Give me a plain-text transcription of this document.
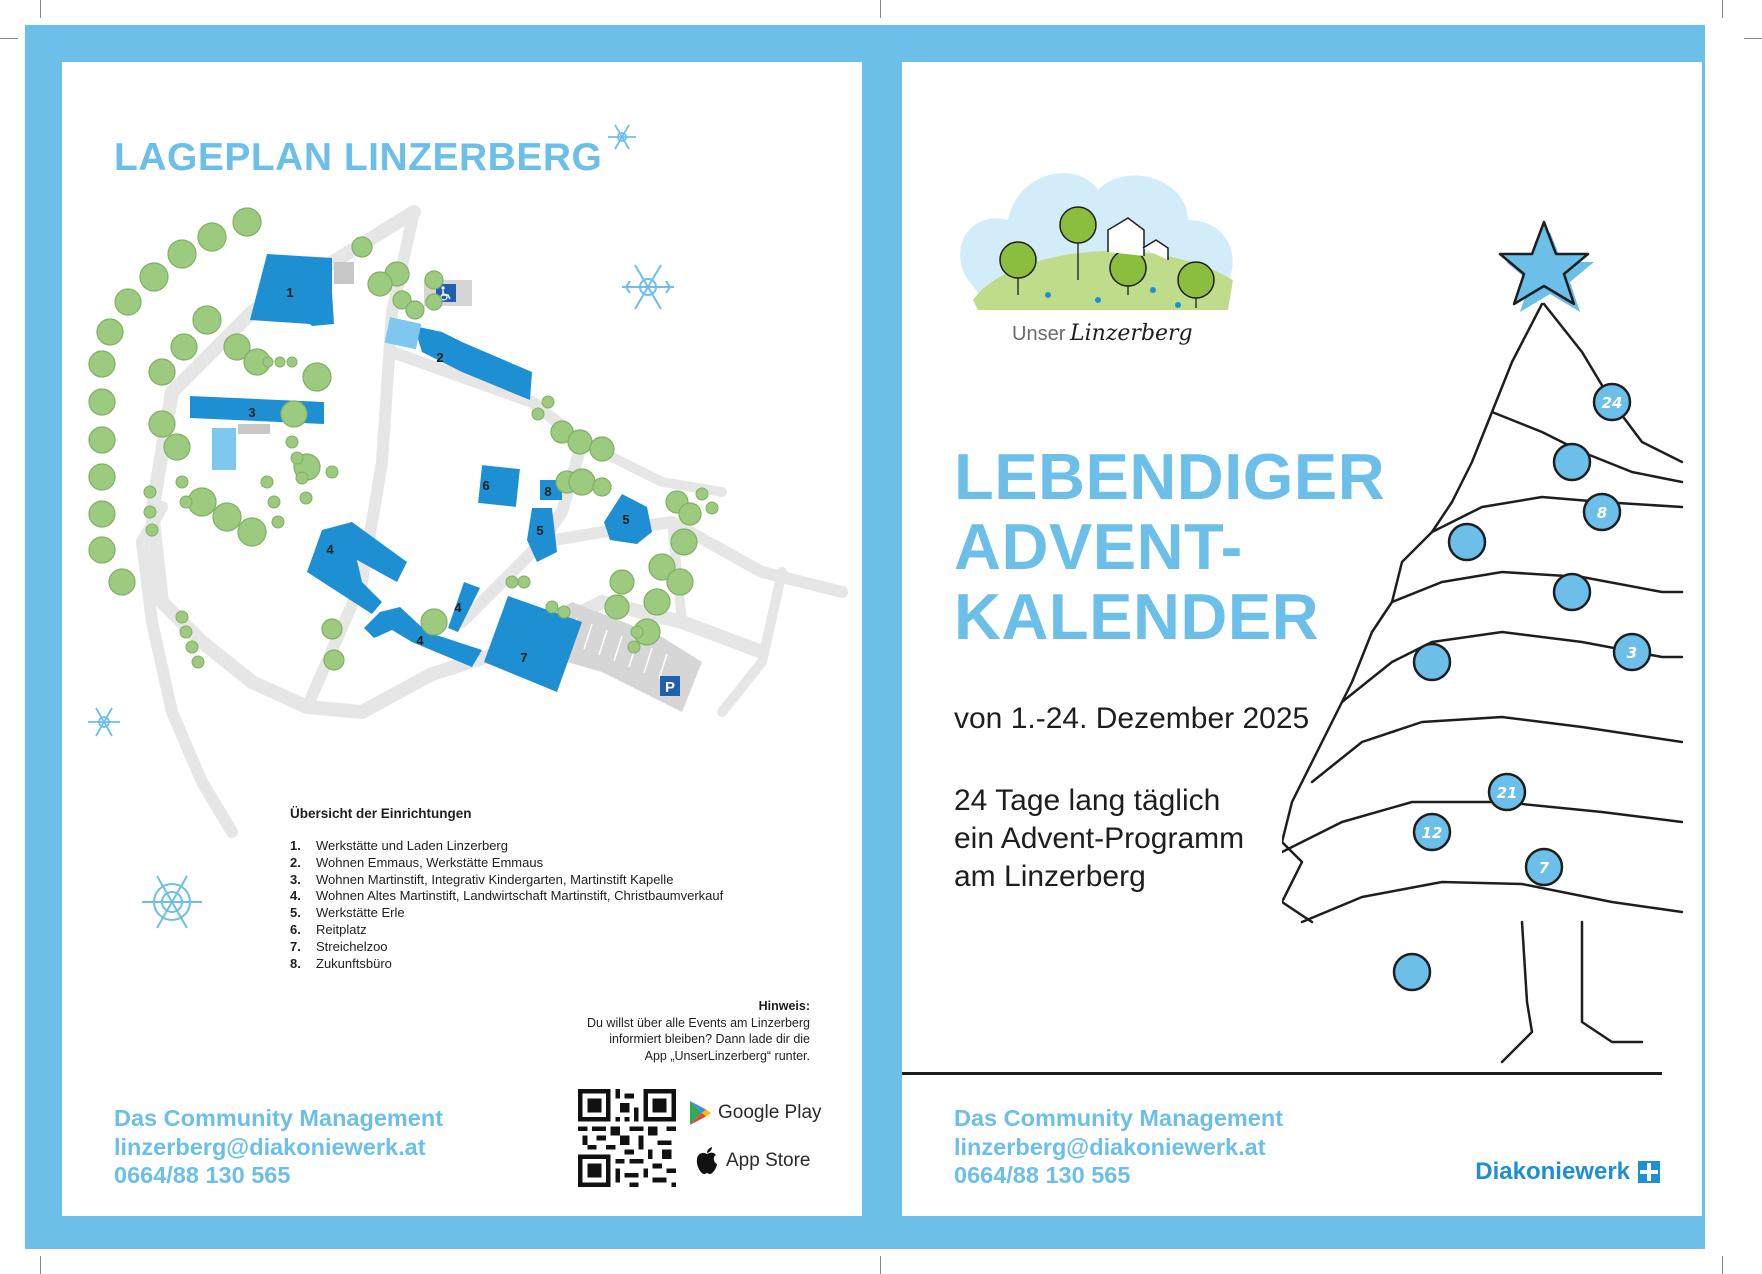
LAGEPLAN LINZERBERG
P
1
2
3
4
4
4
5
5
6
7
8
Übersicht der Einrichtungen
1. Werkstätte und Laden Linzerberg
2. Wohnen Emmaus, Werkstätte Emmaus
3. Wohnen Martinstift, Integrativ Kindergarten, Martinstift Kapelle
4. Wohnen Altes Martinstift, Landwirtschaft Martinstift, Christbaumverkauf
5. Werkstätte Erle
6. Reitplatz
7. Streichelzoo
8. Zukunftsbüro
Hinweis:
Du willst über alle Events am Linzerberg
informiert bleiben? Dann lade dir die
App „UnserLinzerberg“ runter.
Das Community Management
linzerberg@diakoniewerk.at
0664/88 130 565
Google Play
App Store
Unser Linzerberg
LEBENDIGER
ADVENT-
KALENDER
von 1.-24. Dezember 2025
24 Tage lang täglich
ein Advent-Programm
am Linzerberg
24
8
3
21
12
7
Das Community Management
linzerberg@diakoniewerk.at
0664/88 130 565	Diakoniewerk
